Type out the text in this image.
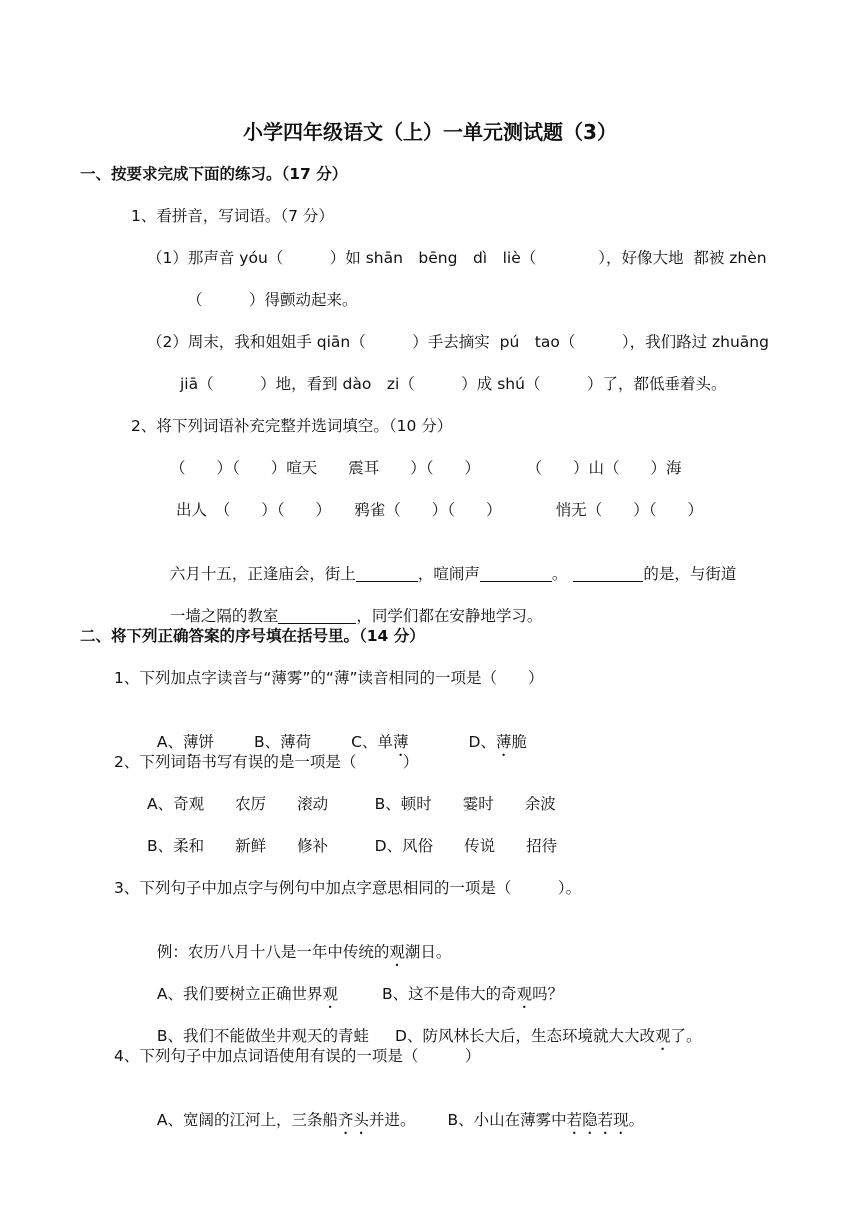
小学四年级语文（上）一单元测试题（3）
一、按要求完成下面的练习。（17 分）
1、看拼音，写词语。（7 分）
（1）那声音 yóu（　　　）如 shān　bēng　dì　liè（　　　　），好像大地  都被 zhèn
（　　　）得颤动起来。
（2）周末，我和姐姐手 qiān（　　　）手去摘实  pú　tao（　　　），我们路过 zhuāng
jiā（　　　）地，看到 dào　zi（　　　）成 shú（　　　）了，都低垂着头。
2、将下列词语补充完整并选词填空。（10 分）
（　　）（　　）喧天　　震耳　　）（　　）　　　　（　　）山（　　）海
出人　（　　）（　　）　　鸦雀（　　）（　　）　　　　悄无（　　）（　　）

六月十五，正逢庙会，街上	，喧闹声	。	的是，与街道

一墙之隔的教室	，同学们都在安静地学习。

二、将下列正确答案的序号填在括号里。（14 分）
1、下列加点字读音与“薄雾”的“薄”读音相同的一项是（　　）

A、薄饼	B、薄荷	C、单薄	D、薄脆

2、下列词语书写有误的是一项是（　　　）
A、奇观　　农厉　　滚动　　　B、顿时　　霎时　　余波
B、柔和　　新鲜　　修补　　　D、风俗　　传说　　招待
3、下列句子中加点字与例句中加点字意思相同的一项是（　　　）。

例：农历八月十八是一年中传统的观潮日。

A、我们要树立正确世界观	B、这不是伟大的奇观吗？

B、我们不能做坐井观天的青蛙 D、防风林长大后，生态环境就大大改观了。

4、下列句子中加点词语使用有误的一项是（　　　）

A、宽阔的江河上，三条船齐头并进。 B、小山在薄雾中若隐若现。
